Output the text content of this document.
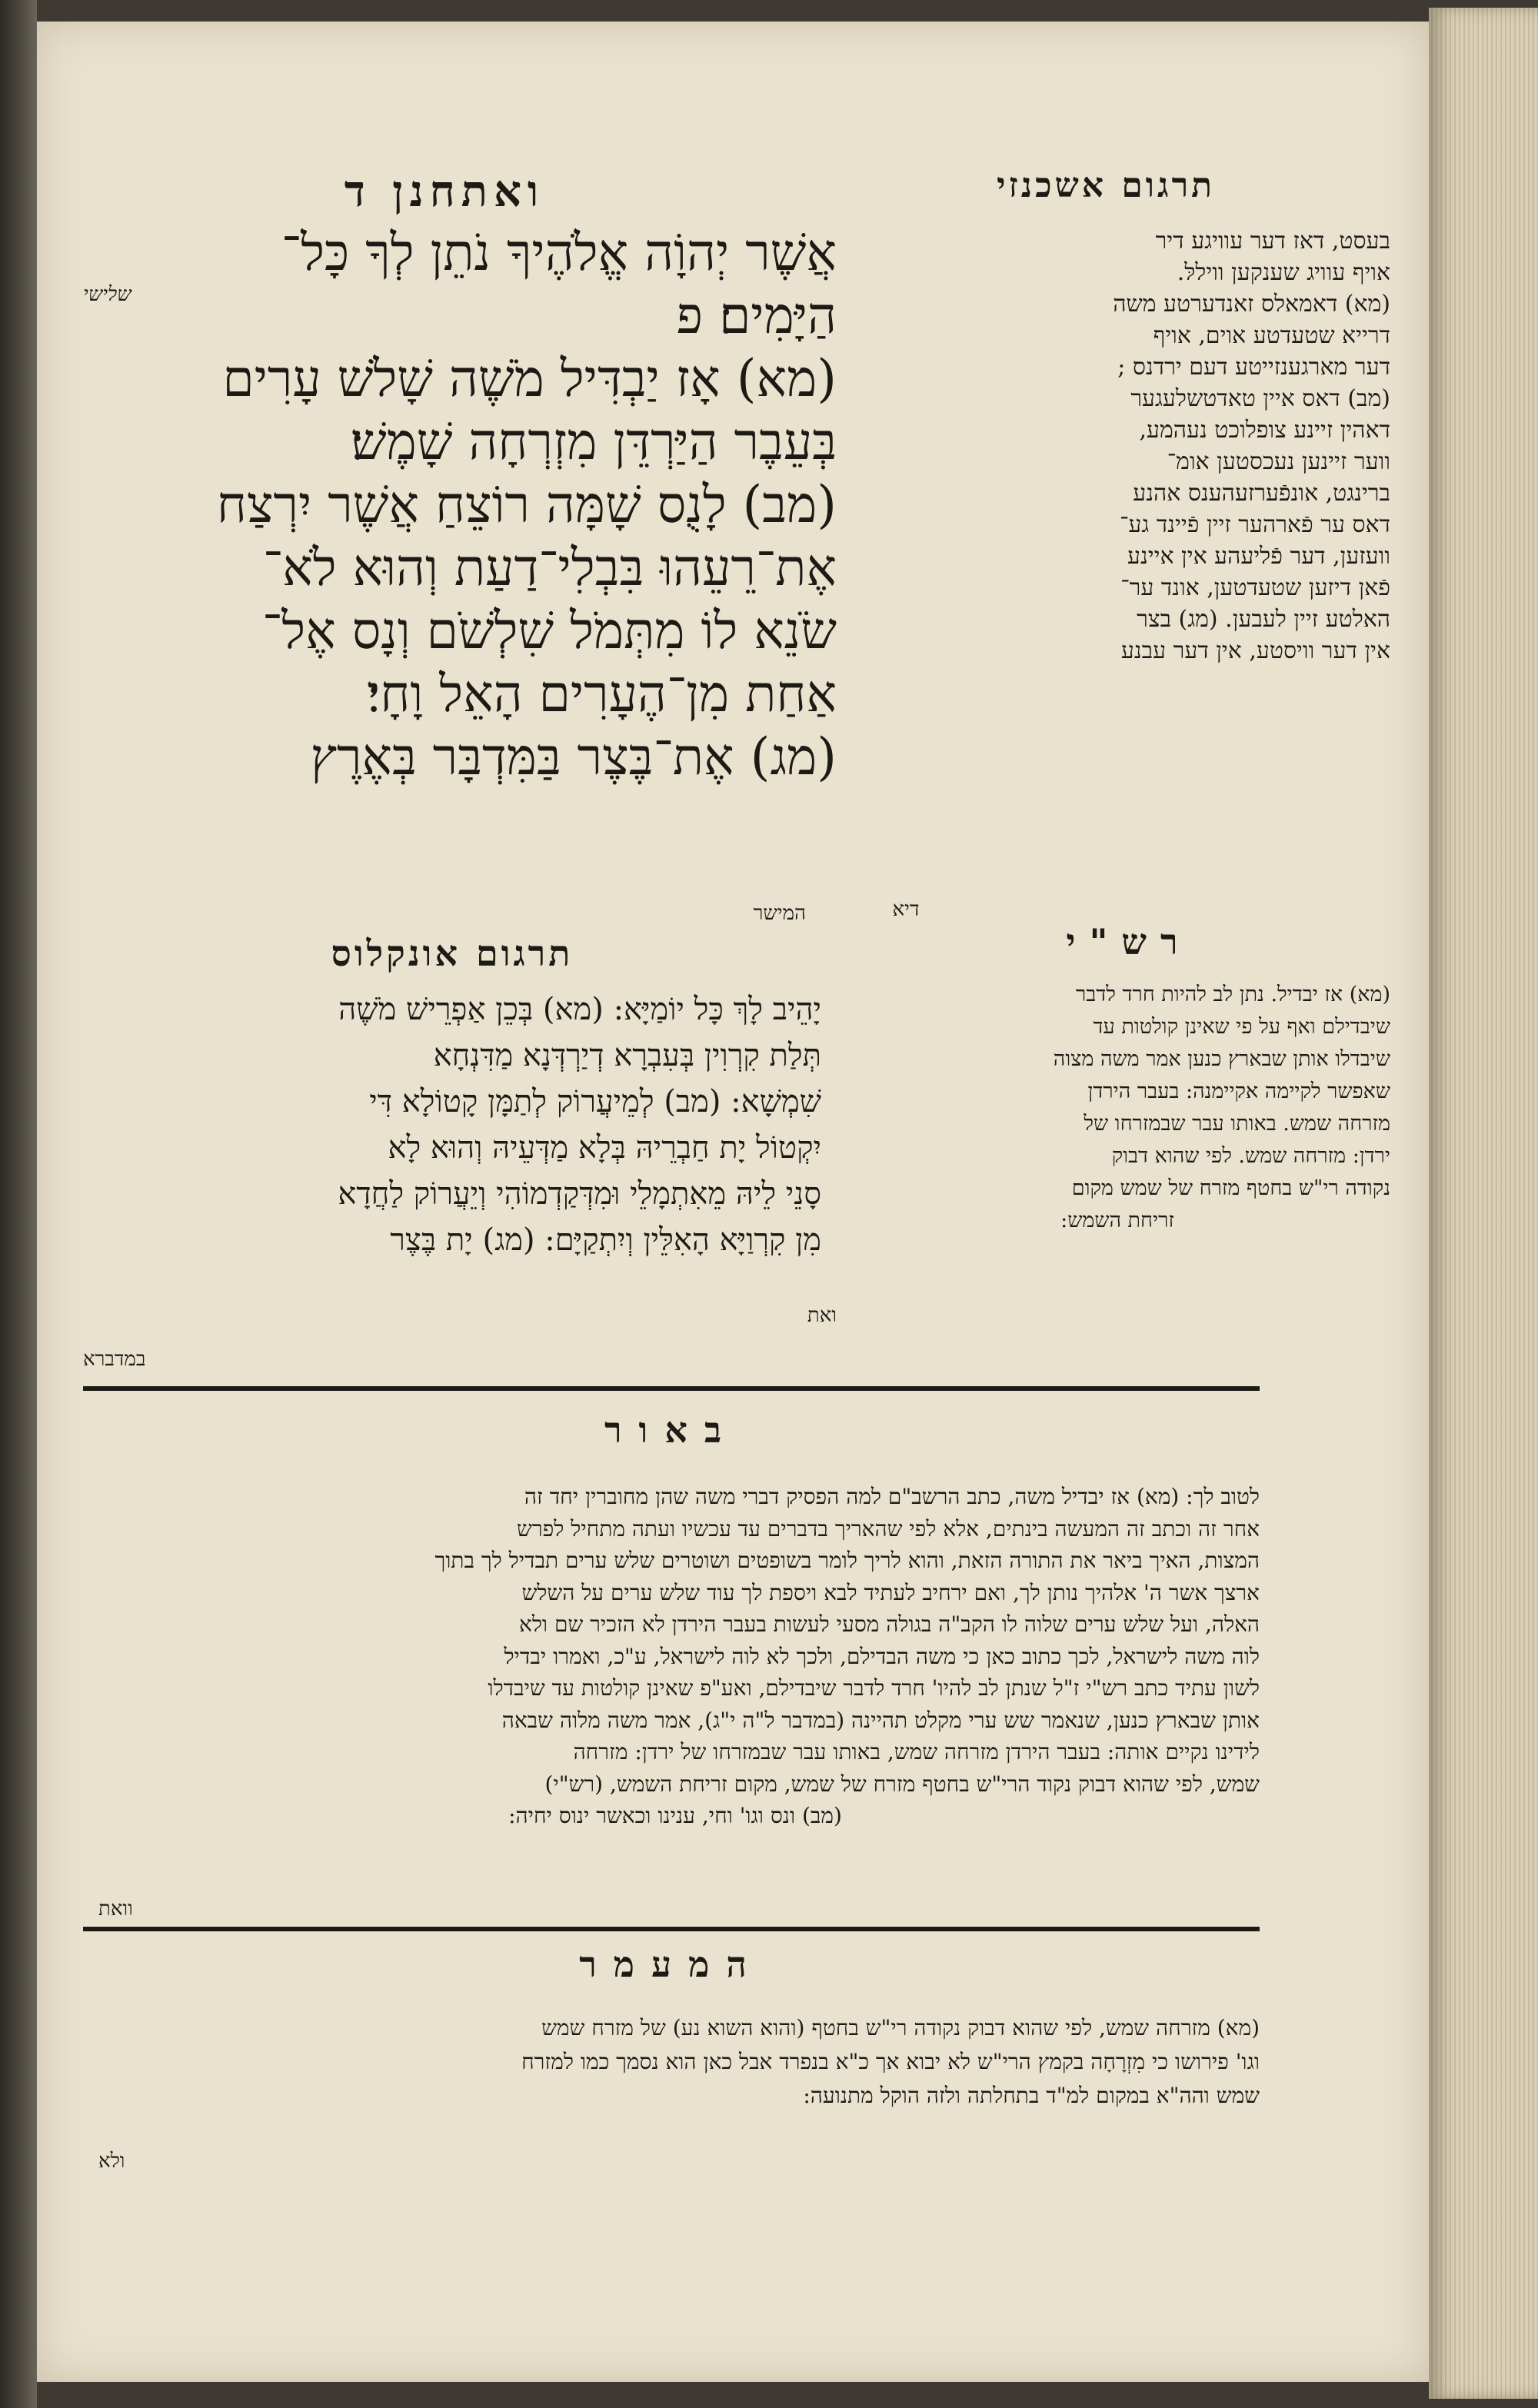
ואתחנן ד	תרגום אשכנזי
אֲשֶׁר יְהוָֹה אֱלֹהֶיךָ נֹתֵן לְךָ כָּל־
הַיָּמִים׃ פ
(מא) אָז יַבְדִּיל מֹשֶׁה שָׁלֹשׁ עָרִים
בְּעֵבֶר הַיַּרְדֵּן מִזְרְחָה שָׁמֶשׁ׃
(מב) לָנֻס שָׁמָּה רוֹצֵחַ אֲשֶׁר יִרְצַח
אֶת־רֵעֵהוּ בִּבְלִי־דַעַת וְהוּא לֹא־
שֹׂנֵא לוֹ מִתְּמֹל שִׁלְשֹׁם וְנָס אֶל־
אַחַת מִן־הֶעָרִים הָאֵל וָחָי׃
(מג) אֶת־בֶּצֶר בַּמִּדְבָּר בְּאֶרֶץ
שלישי
בעסט, דאז דער עוויגע דיר
אויף עוויג שענקען וויללּ.
(מא) דאמאלס זאנדערטע משה
דרייא שטעדטע אוים, אויף
דער מארגענזייטע דעם ירדנס ;
(מב) דאס איין טאדטשלעגער
דאהין זיינע צופלוכט נעהמע,
ווער זיינען נעכסטען אומ־
ברינגט, אונפֿערזעהענס אהנע
דאס ער פֿארהער זיין פֿיינד גע־
וועזען, דער פֿליעהע אין איינע
פֿאן דיזען שטעדטען, אונד ער־
האלטע זיין לעבען. (מג) בצר
אין דער וויסטע, אין דער עבנע
דיא
רש"י
(מא) אז יבדיל. נתן לב להיות חרד לדבר
שיבדילם ואף על פי שאינן קולטות עד
שיבדלו אותן שבארץ כנען אמר משה מצוה
שאפשר לקיימה אקיימנה: בעבר הירדן
מזרחה שמש. באותו עבר שבמזרחו של
ירדן: מזרחה שמש. לפי שהוא דבוק
נקודה רי"ש בחטף מזרח של שמש מקום
זריחת השמש:
ואת
המישר
תרגום אונקלוס
יָהֵיב לָךְ כָּל יוֹמַיָּא: (מא) בְּכֵן אַפְרֵישׁ מֹשֶׁה
תְּלַת קִרְוִין בְּעִבְרָא דְיַרְדְּנָא מַדִּנְחָא
שִׁמְשָׁא: (מב) לְמֵיעֲרוֹק לְתַמָּן קָטוֹלָא דִּי
יִקְטוֹל יָת חַבְרֵיהּ בְּלָא מַדְּעֵיהּ וְהוּא לָא
סָנֵי לֵיהּ מֵאִתְמָלֵי וּמִדְּקַדְמוֹהִי וְיֵעֲרוֹק לַחֲדָא
מִן קִרְוַיָּא הָאִלֵּין וְיִתְקַיָּם: (מג) יָת בֶּצֶר
במדברא
באור
לטוב לך: (מא) אז יבדיל משה, כתב הרשב"ם למה הפסיק דברי משה שהן מחוברין יחד זה
אחר זה וכתב זה המעשה בינתים, אלא לפי שהאריך בדברים עד עכשיו ועתה מתחיל לפרש
המצות, האיך ביאר את התורה הזאת, והוא לריך לומר בשופטים ושוטרים שלש ערים תבדיל לך בתוך
ארצך אשר ה' אלהיך נותן לך, ואם ירחיב לעתיד לבא ויספת לך עוד שלש ערים על השלש
האלה, ועל שלש ערים שלוה לו הקב"ה בגולה מסעי לעשות בעבר הירדן לא הזכיר שם ולא
לוה משה לישראל, לכך כתוב כאן כי משה הבדילם, ולכך לא לוה לישראל, ע"כ, ואמרו יבדיל
לשון עתיד כתב רש"י ז"ל שנתן לב להיו' חרד לדבר שיבדילם, ואע"פ שאינן קולטות עד שיבדלו
אותן שבארץ כנען, שנאמר שש ערי מקלט תהיינה (במדבר ל"ה י"ג), אמר משה מלוה שבאה
לידינו נקיים אותה: בעבר הירדן מזרחה שמש, באותו עבר שבמזרחו של ירדן: מזרחה
שמש, לפי שהוא דבוק נקוד הרי"ש בחטף מזרח של שמש, מקום זריחת השמש, (רש"י)
(מב) ונס וגו' וחי, ענינו וכאשר ינוס יחיה:
וואת
המעמר
(מא) מזרחה שמש, לפי שהוא דבוק נקודה רי"ש בחטף (והוא השוא נע) של מזרח שמש
וגו' פירושו כי מִזְרָחָה בקמץ הרי"ש לא יבוא אך כ"א בנפרד אבל כאן הוא נסמך כמו למזרח
שמש והה"א במקום למ"ד בתחלתה ולזה הוקל מתנועה:
ולא
